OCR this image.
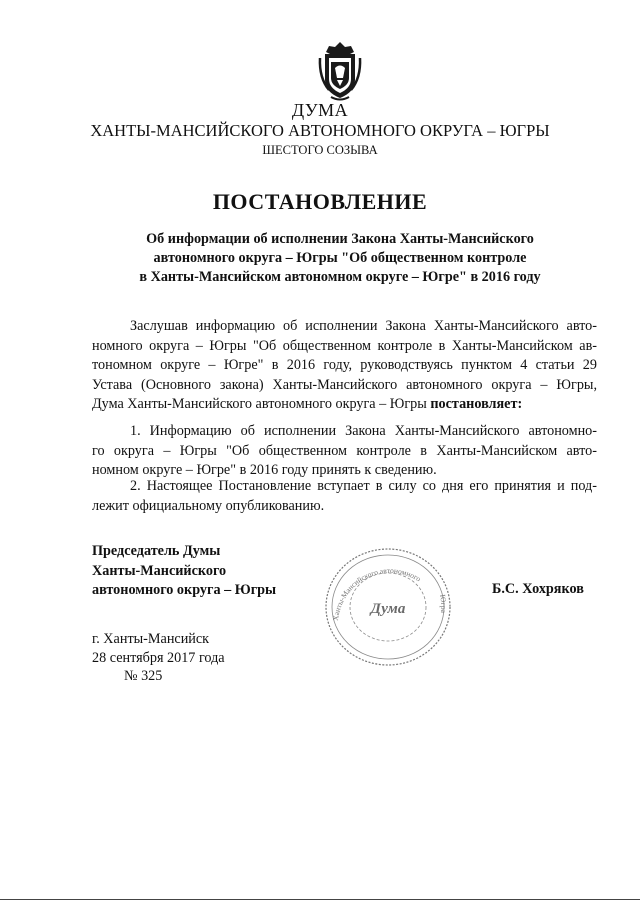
ДУМА
ХАНТЫ-МАНСИЙСКОГО АВТОНОМНОГО ОКРУГА – ЮГРЫ
ШЕСТОГО СОЗЫВА
ПОСТАНОВЛЕНИЕ
Об информации об исполнении Закона Ханты-Мансийского
автономного округа – Югры "Об общественном контроле
в Ханты-Мансийском автономном округе – Югре" в 2016 году
Заслушав информацию об исполнении Закона Ханты-Мансийского авто-
номного округа – Югры "Об общественном контроле в Ханты-Мансийском ав-
тономном округе – Югре" в 2016 году, руководствуясь пунктом 4 статьи 29
Устава (Основного закона) Ханты-Мансийского автономного округа – Югры,
Дума Ханты-Мансийского автономного округа – Югры постановляет:
1. Информацию об исполнении Закона Ханты-Мансийского автономно-
го округа – Югры "Об общественном контроле в Ханты-Мансийском авто-
номном округе – Югре" в 2016 году принять к сведению.
2. Настоящее Постановление вступает в силу со дня его принятия и под-
лежит официальному опубликованию.
Председатель Думы
Ханты-Мансийского
автономного округа – Югры
Ханты-Мансийского автономного
Югра
Дума
Б.С. Хохряков
г. Ханты-Мансийск
28 сентября 2017 года
№ 325
